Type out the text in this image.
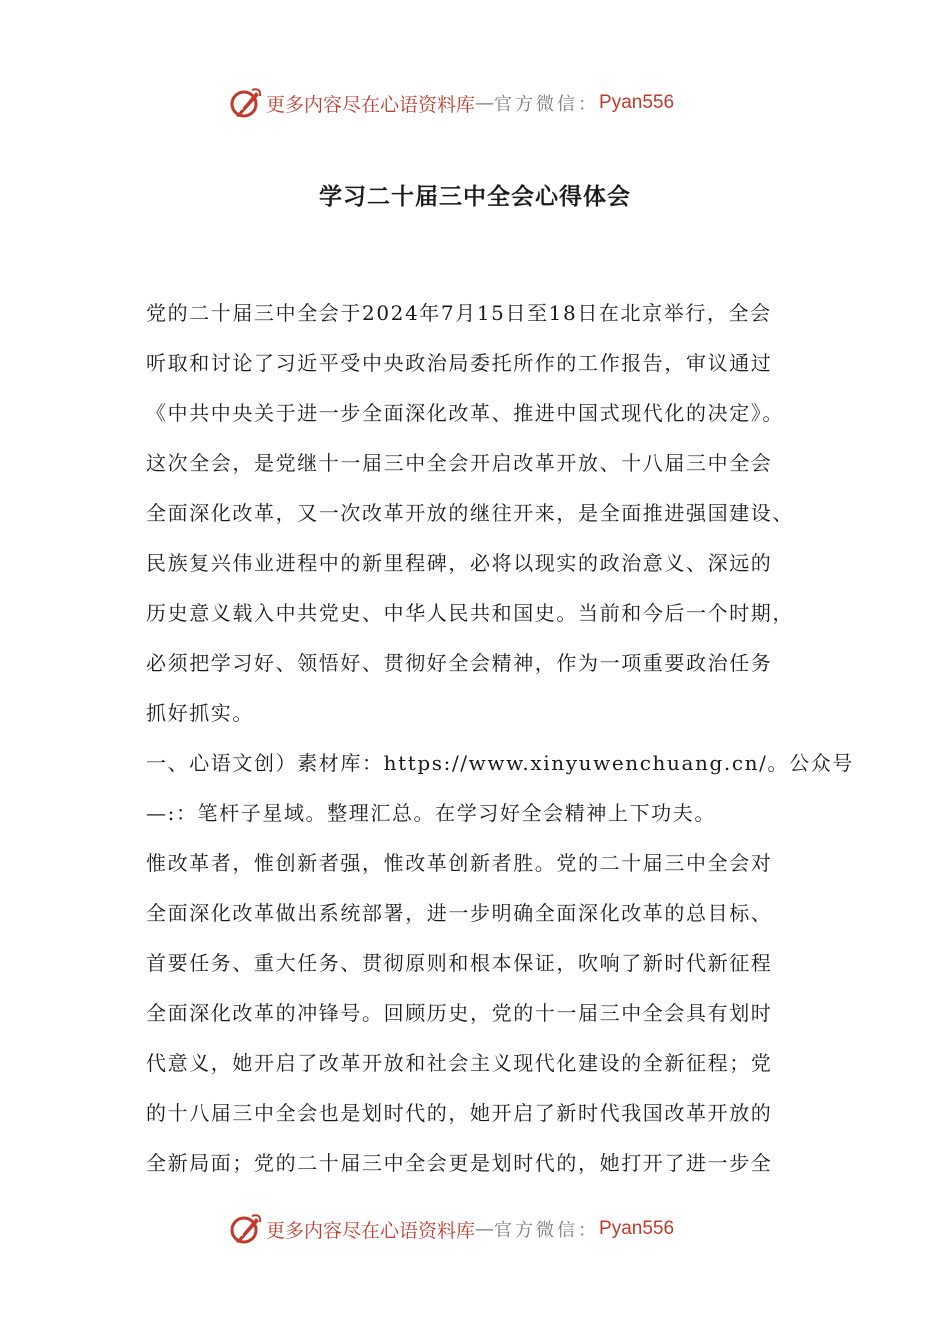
更多内容尽在心语资料库 — 官方微信： Pyan556
学习二十届三中全会心得体会
党的二十届三中全会于2024年7月15日至18日在北京举行，全会
听取和讨论了习近平受中央政治局委托所作的工作报告，审议通过
《中共中央关于进一步全面深化改革、推进中国式现代化的决定》。
这次全会，是党继十一届三中全会开启改革开放、十八届三中全会
全面深化改革，又一次改革开放的继往开来，是全面推进强国建设、
民族复兴伟业进程中的新里程碑，必将以现实的政治意义、深远的
历史意义载入中共党史、中华人民共和国史。当前和今后一个时期，
必须把学习好、领悟好、贯彻好全会精神，作为一项重要政治任务
抓好抓实。
一、心语文创）素材库：https://www.xinyuwenchuang.cn/。公众号
—:：笔杆子星域。整理汇总。在学习好全会精神上下功夫。
惟改革者，惟创新者强，惟改革创新者胜。党的二十届三中全会对
全面深化改革做出系统部署，进一步明确全面深化改革的总目标、
首要任务、重大任务、贯彻原则和根本保证，吹响了新时代新征程
全面深化改革的冲锋号。回顾历史，党的十一届三中全会具有划时
代意义，她开启了改革开放和社会主义现代化建设的全新征程；党
的十八届三中全会也是划时代的，她开启了新时代我国改革开放的
全新局面；党的二十届三中全会更是划时代的，她打开了进一步全
更多内容尽在心语资料库 — 官方微信： Pyan556
